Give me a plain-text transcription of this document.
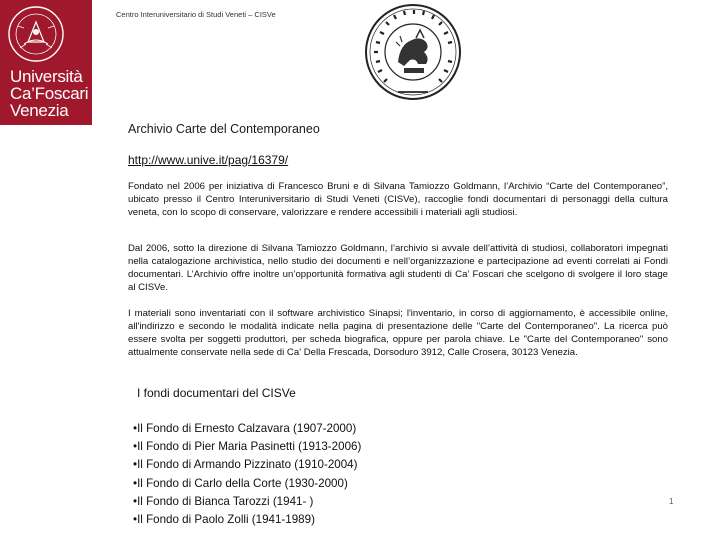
Università
Ca’Foscari
Venezia
Centro Interuniversitario di Studi Veneti – CISVe
Archivio Carte del Contemporaneo
http://www.unive.it/pag/16379/
Fondato nel 2006 per iniziativa di Francesco Bruni e di Silvana Tamiozzo Goldmann, l’Archivio “Carte del Contemporaneo”, ubicato presso il Centro Interuniversitario di Studi Veneti (CISVe), raccoglie fondi documentari di personaggi della cultura veneta, con lo scopo di conservare, valorizzare e rendere accessibili i materiali agli studiosi.
Dal 2006, sotto la direzione di Silvana Tamiozzo Goldmann, l’archivio si avvale dell’attività di studiosi, collaboratori impegnati nella catalogazione archivistica, nello studio dei documenti e nell’organizzazione e partecipazione ad eventi correlati ai Fondi documentari. L’Archivio offre inoltre un’opportunità formativa agli studenti di Ca’ Foscari che scelgono di svolgere il loro stage al CISVe.
I materiali sono inventariati con il software archivistico Sinapsi; l'inventario, in corso di aggiornamento, è accessibile online, all'indirizzo e secondo le modalità indicate nella pagina di presentazione delle "Carte del Contemporaneo". La ricerca può essere svolta per soggetti produttori, per scheda biografica, oppure per parola chiave. Le "Carte del Contemporaneo" sono attualmente conservate nella sede di Ca' Della Frescada, Dorsoduro 3912, Calle Crosera, 30123 Venezia.
I fondi documentari del CISVe
• Il Fondo di Ernesto Calzavara (1907-2000)
• Il Fondo di Pier Maria Pasinetti (1913-2006)
• Il Fondo di Armando Pizzinato (1910-2004)
• Il Fondo di Carlo della Corte (1930-2000)
• Il Fondo di Bianca Tarozzi (1941- )
• Il Fondo di Paolo Zolli (1941-1989)
1
